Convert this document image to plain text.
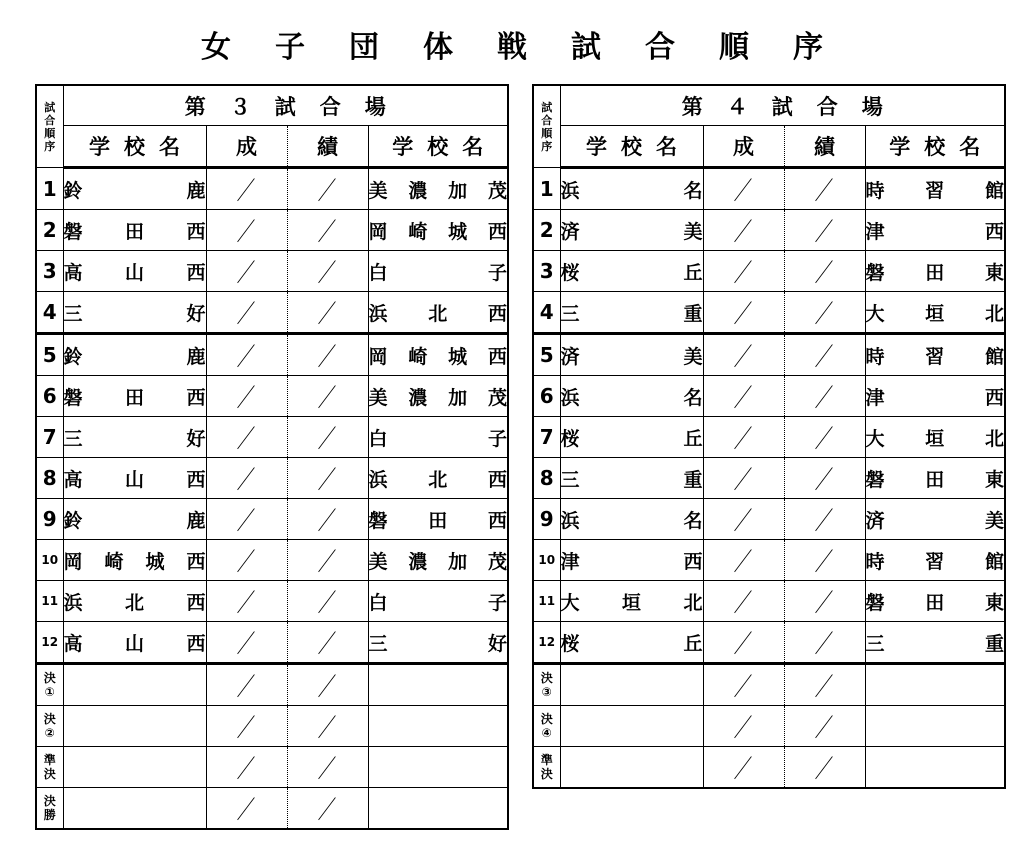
女子団体戦試合順序
試合順序	第３試合場			
	学校名	成	績	学校名
1	鈴 鹿	／	／	美 濃 加 茂

2	磐 田 西	／	／	岡 崎 城 西

3	高 山 西	／	／	白 子

4	三 好	／	／	浜 北 西

5	鈴 鹿	／	／	岡 崎 城 西

6	磐 田 西	／	／	美 濃 加 茂

7	三 好	／	／	白 子

8	高 山 西	／	／	浜 北 西

9	鈴 鹿	／	／	磐 田 西

10	岡 崎 城 西	／	／	美 濃 加 茂

11	浜 北 西	／	／	白 子

12	高 山 西	／	／	三 好

決①		／	／	
決②		／	／	
準決		／	／	
決勝		／	／	
試合順序	第４試合場			
	学校名	成	績	学校名
1	浜 名	／	／	時 習 館

2	済 美	／	／	津 西

3	桜 丘	／	／	磐 田 東

4	三 重	／	／	大 垣 北

5	済 美	／	／	時 習 館

6	浜 名	／	／	津 西

7	桜 丘	／	／	大 垣 北

8	三 重	／	／	磐 田 東

9	浜 名	／	／	済 美

10	津 西	／	／	時 習 館

11	大 垣 北	／	／	磐 田 東

12	桜 丘	／	／	三 重

決③		／	／	
決④		／	／	
準決		／	／	
